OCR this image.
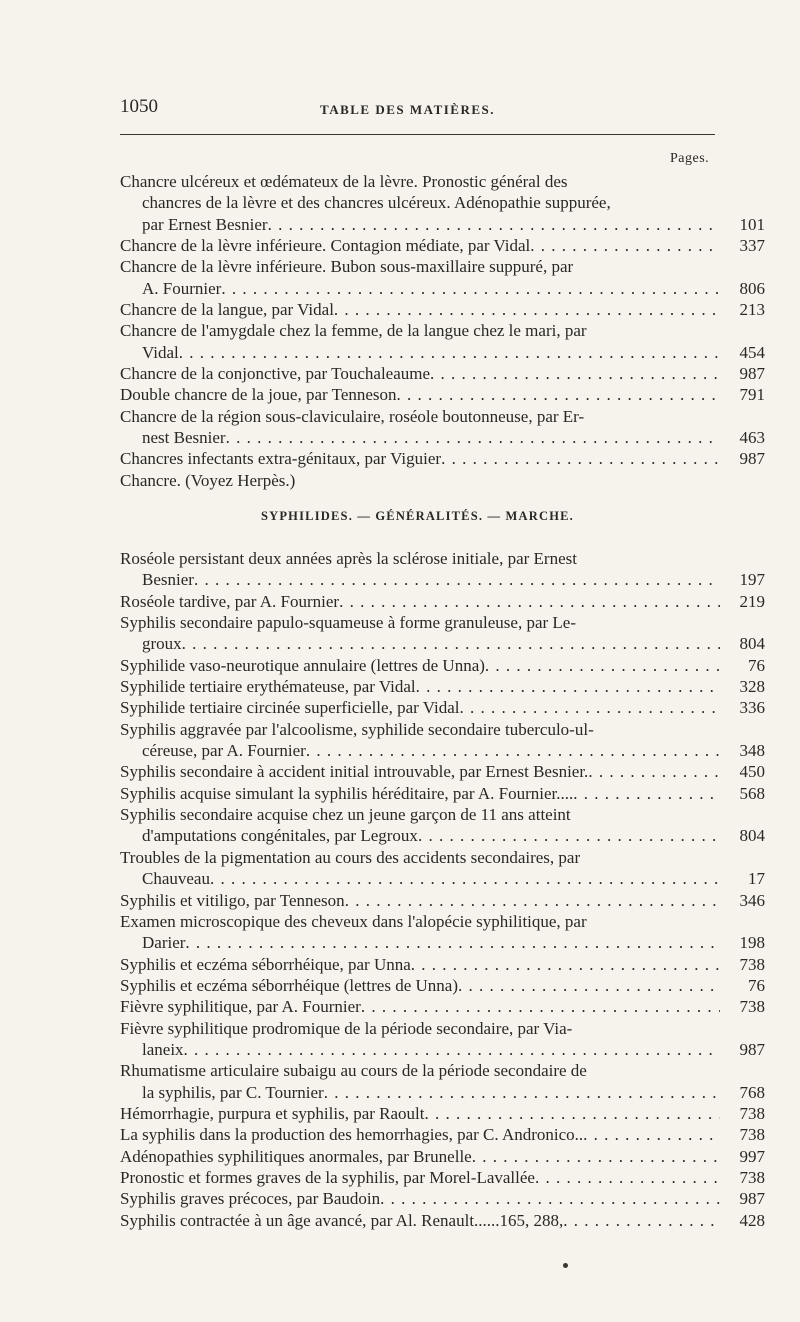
1050	TABLE DES MATIÈRES.
Pages.
Chancre ulcéreux et œdémateux de la lèvre. Pronostic général des
chancres de la lèvre et des chancres ulcéreux. Adénopathie suppurée,
par Ernest Besnier . . .	101
Chancre de la lèvre inférieure. Contagion médiate, par Vidal . . .	337
Chancre de la lèvre inférieure. Bubon sous-maxillaire suppuré, par
A. Fournier . . .	806
Chancre de la langue, par Vidal . . .	213
Chancre de l'amygdale chez la femme, de la langue chez le mari, par
Vidal . . .	454
Chancre de la conjonctive, par Touchaleaume . . .	987
Double chancre de la joue, par Tenneson . . .	791
Chancre de la région sous-claviculaire, roséole boutonneuse, par Er-
nest Besnier . . .	463
Chancres infectants extra-génitaux, par Viguier . . .	987
Chancre. (Voyez Herpès.)
SYPHILIDES. — GÉNÉRALITÉS. — MARCHE.
Roséole persistant deux années après la sclérose initiale, par Ernest
Besnier . . .	197
Roséole tardive, par A. Fournier . . .	219
Syphilis secondaire papulo-squameuse à forme granuleuse, par Le-
groux . . .	804
Syphilide vaso-neurotique annulaire (lettres de Unna) . . .	76
Syphilide tertiaire erythémateuse, par Vidal . . .	328
Syphilide tertiaire circinée superficielle, par Vidal . . .	336
Syphilis aggravée par l'alcoolisme, syphilide secondaire tuberculo-ul-
céreuse, par A. Fournier . . .	348
Syphilis secondaire à accident initial introuvable, par Ernest Besnier. . . .	450
Syphilis acquise simulant la syphilis héréditaire, par A. Fournier.... . . .	568
Syphilis secondaire acquise chez un jeune garçon de 11 ans atteint
d'amputations congénitales, par Legroux . . .	804
Troubles de la pigmentation au cours des accidents secondaires, par
Chauveau . . .	17
Syphilis et vitiligo, par Tenneson . . .	346
Examen microscopique des cheveux dans l'alopécie syphilitique, par
Darier . . .	198
Syphilis et eczéma séborrhéique, par Unna . . .	738
Syphilis et eczéma séborrhéique (lettres de Unna) . . .	76
Fièvre syphilitique, par A. Fournier . . .	738
Fièvre syphilitique prodromique de la période secondaire, par Via-
laneix . . .	987
Rhumatisme articulaire subaigu au cours de la période secondaire de
la syphilis, par C. Tournier . . .	768
Hémorrhagie, purpura et syphilis, par Raoult . . .	738
La syphilis dans la production des hemorrhagies, par C. Andronico.. . . .	738
Adénopathies syphilitiques anormales, par Brunelle . . .	997
Pronostic et formes graves de la syphilis, par Morel-Lavallée . . .	738
Syphilis graves précoces, par Baudoin . . .	987
Syphilis contractée à un âge avancé, par Al. Renault......165, 288, . . .	428
